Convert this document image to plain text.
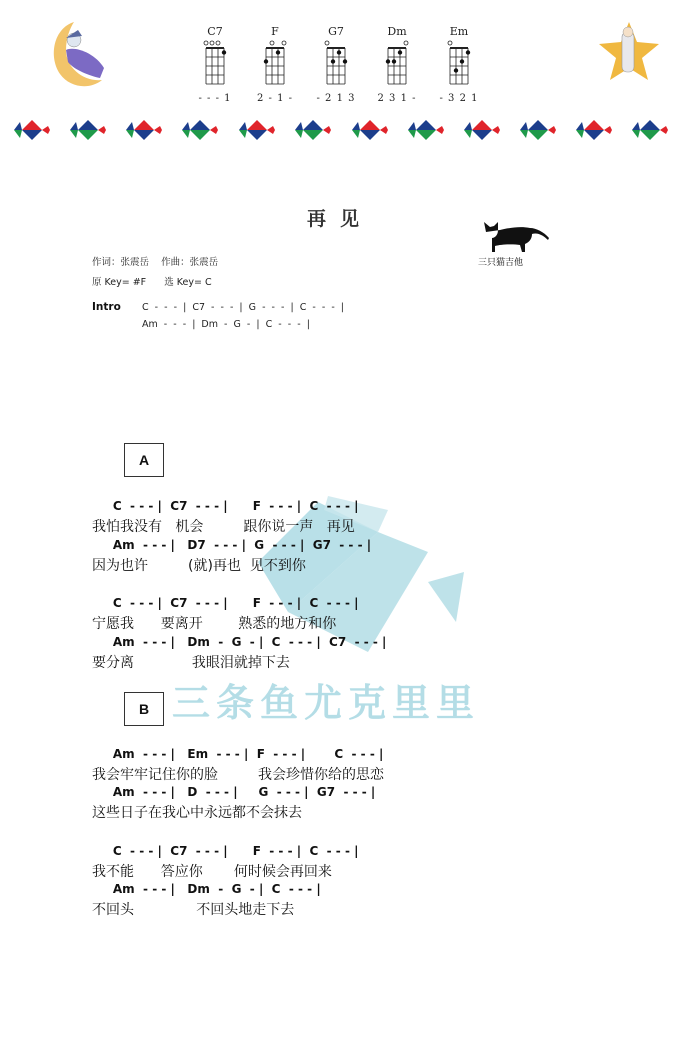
C7
- - - 1
F
2 - 1 -
G7
- 2 1 3
Dm
2 3 1 -
Em
- 3 2 1
再见
三只猫吉他
作词：张震岳    作曲：张震岳
原 Key= #F      选 Key= C
Intro C  -  -  -  |  C7  -  -  -  |  G  -  -  -  |  C  -  -  -  |
Am  -  -  -  |  Dm  -  G  -  |  C  -  -  -  |
三条鱼尤克里里
A
C  - - - |  C7  - - - |      F  - - - |  C  - - - |
我怕我没有   机会         跟你说一声   再见
Am  - - - |   D7  - - - |  G  - - - |  G7  - - - |
因为也许         (就)再也  见不到你
C  - - - |  C7  - - - |      F  - - - |  C  - - - |
宁愿我      要离开        熟悉的地方和你
Am  - - - |   Dm  -  G  - |  C  - - - |  C7  - - - |
要分离             我眼泪就掉下去
B
Am  - - - |   Em  - - - |  F  - - - |       C  - - - |
我会牢牢记住你的脸         我会珍惜你给的思恋
Am  - - - |   D  - - - |     G  - - - |  G7  - - - |
这些日子在我心中永远都不会抹去
C  - - - |  C7  - - - |      F  - - - |  C  - - - |
我不能      答应你       何时候会再回来
Am  - - - |   Dm  -  G  - |  C  - - - |
不回头              不回头地走下去
